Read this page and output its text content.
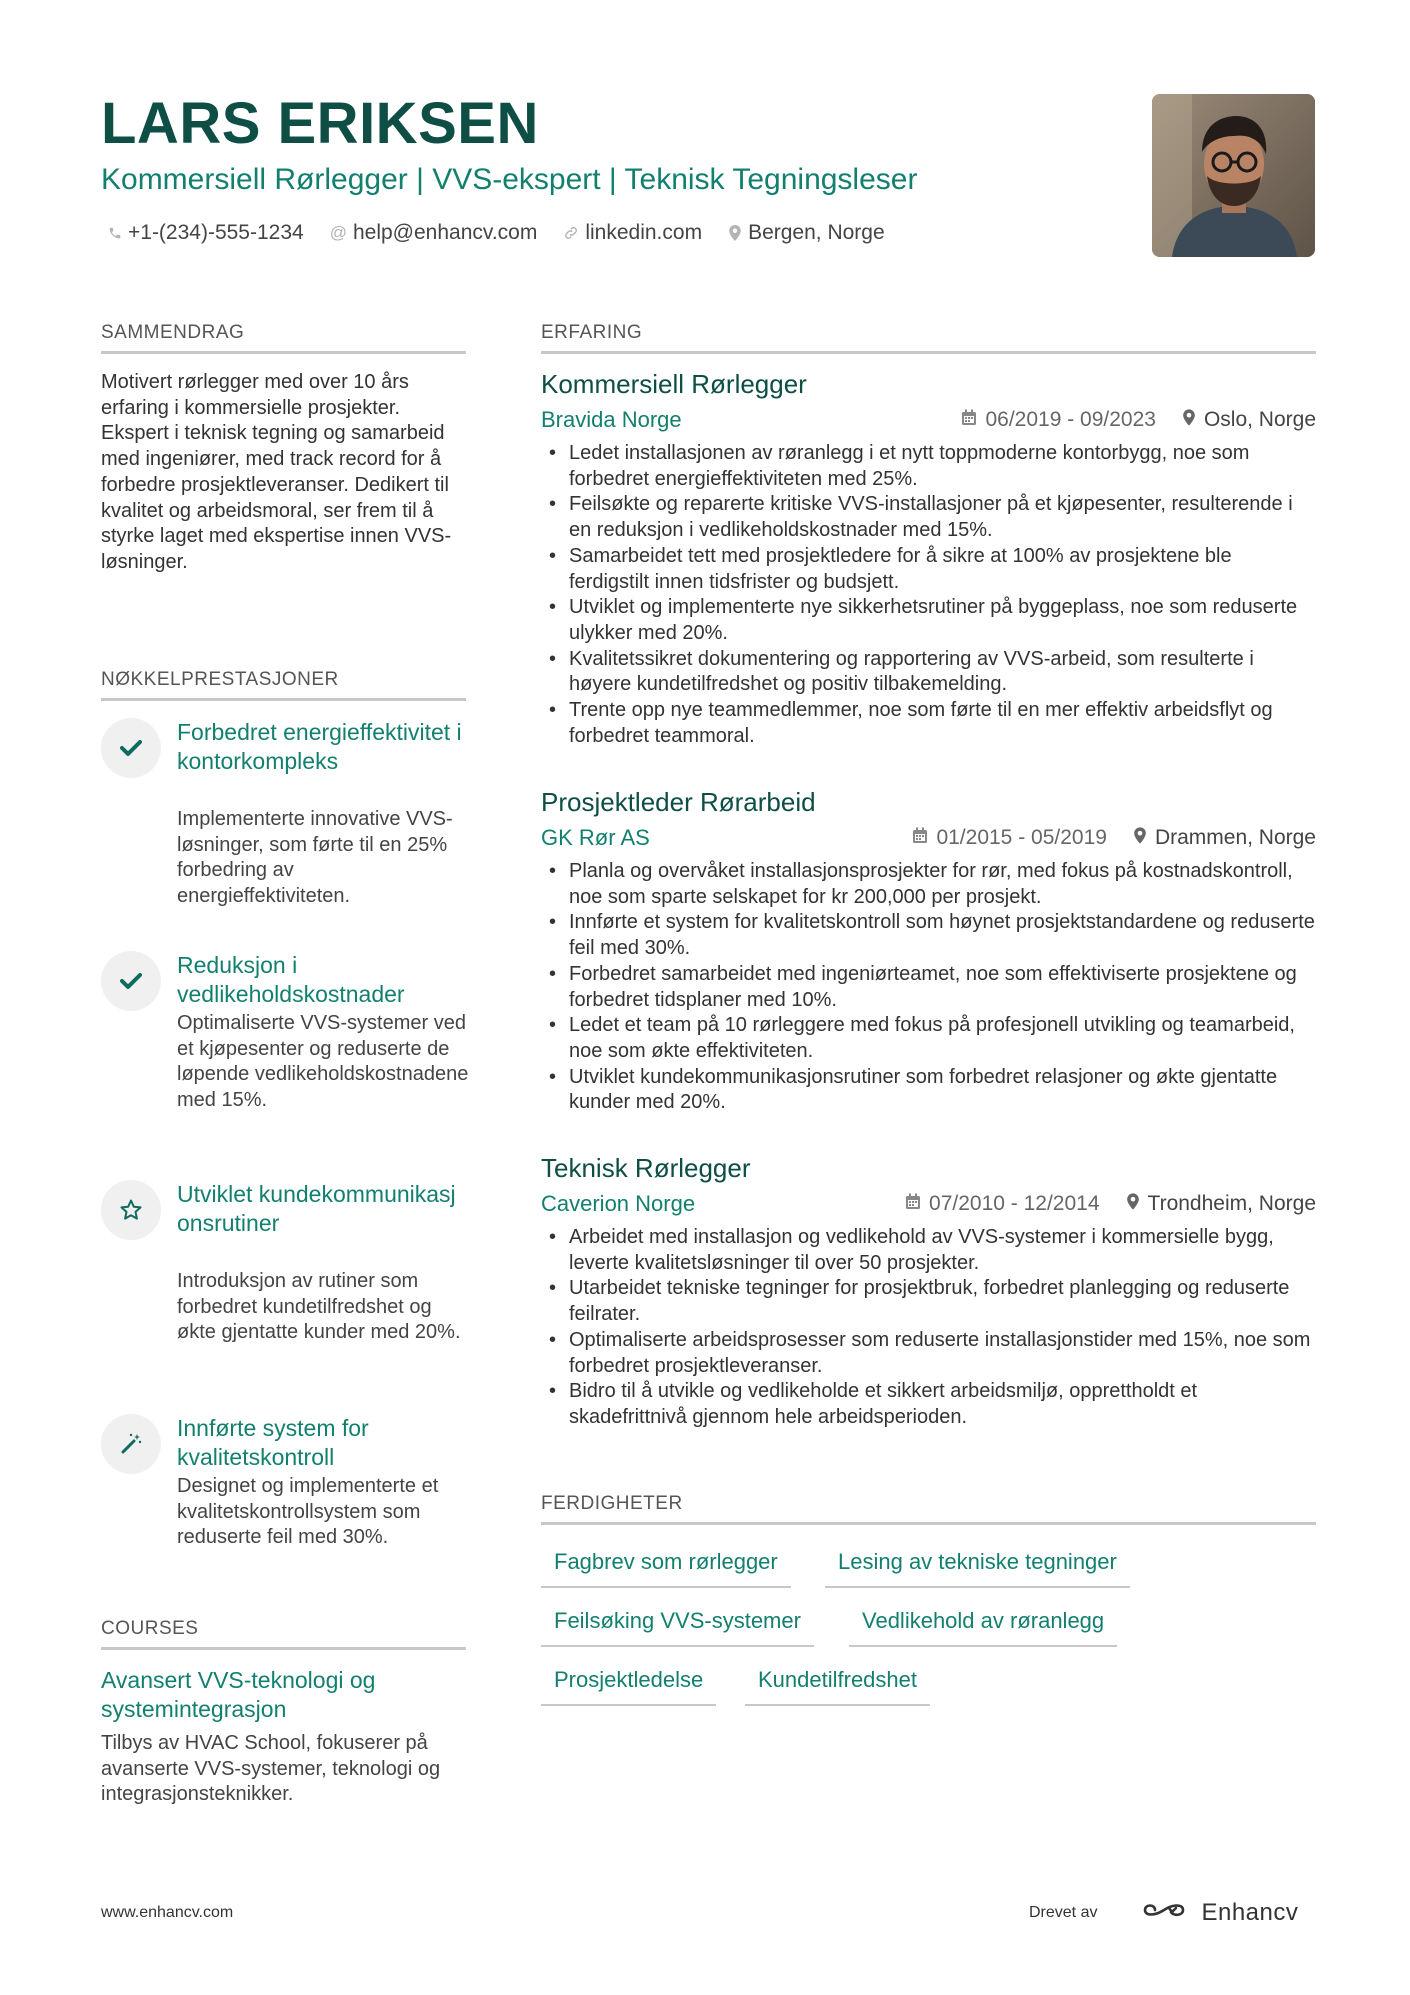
LARS ERIKSEN
Kommersiell Rørlegger | VVS-ekspert | Teknisk Tegningsleser
+1-(234)-555-1234 @ help@enhancv.com linkedin.com Bergen, Norge
SAMMENDRAG
Motivert rørlegger med over 10 års erfaring i kommersielle prosjekter. Ekspert i teknisk tegning og samarbeid med ingeniører, med track record for å forbedre prosjektleveranser. Dedikert til kvalitet og arbeidsmoral, ser frem til å styrke laget med ekspertise innen VVS-løsninger.
NØKKELPRESTASJONER
Forbedret energieffektivitet i kontorkompleks
Implementerte innovative VVS-løsninger, som førte til en 25% forbedring av energieffektiviteten.
Reduksjon i vedlikeholdskostnader
Optimaliserte VVS-systemer ved et kjøpesenter og reduserte de løpende vedlikeholdskostnadene med 15%.
Utviklet kundekommunikasjonsrutiner
Introduksjon av rutiner som forbedret kundetilfredshet og økte gjentatte kunder med 20%.
Innførte system for kvalitetskontroll
Designet og implementerte et kvalitetskontrollsystem som reduserte feil med 30%.
COURSES
Avansert VVS-teknologi og systemintegrasjon
Tilbys av HVAC School, fokuserer på avanserte VVS-systemer, teknologi og integrasjonsteknikker.
ERFARING
Kommersiell Rørlegger
Bravida Norge	06/2019 - 09/2023 Oslo, Norge
• Ledet installasjonen av røranlegg i et nytt toppmoderne kontorbygg, noe som forbedret energieffektiviteten med 25%.
• Feilsøkte og reparerte kritiske VVS-installasjoner på et kjøpesenter, resulterende i en reduksjon i vedlikeholdskostnader med 15%.
• Samarbeidet tett med prosjektledere for å sikre at 100% av prosjektene ble ferdigstilt innen tidsfrister og budsjett.
• Utviklet og implementerte nye sikkerhetsrutiner på byggeplass, noe som reduserte ulykker med 20%.
• Kvalitetssikret dokumentering og rapportering av VVS-arbeid, som resulterte i høyere kundetilfredshet og positiv tilbakemelding.
• Trente opp nye teammedlemmer, noe som førte til en mer effektiv arbeidsflyt og forbedret teammoral.
Prosjektleder Rørarbeid
GK Rør AS	01/2015 - 05/2019 Drammen, Norge
• Planla og overvåket installasjonsprosjekter for rør, med fokus på kostnadskontroll, noe som sparte selskapet for kr 200,000 per prosjekt.
• Innførte et system for kvalitetskontroll som høynet prosjektstandardene og reduserte feil med 30%.
• Forbedret samarbeidet med ingeniørteamet, noe som effektiviserte prosjektene og forbedret tidsplaner med 10%.
• Ledet et team på 10 rørleggere med fokus på profesjonell utvikling og teamarbeid, noe som økte effektiviteten.
• Utviklet kundekommunikasjonsrutiner som forbedret relasjoner og økte gjentatte kunder med 20%.
Teknisk Rørlegger
Caverion Norge	07/2010 - 12/2014 Trondheim, Norge
• Arbeidet med installasjon og vedlikehold av VVS-systemer i kommersielle bygg, leverte kvalitetsløsninger til over 50 prosjekter.
• Utarbeidet tekniske tegninger for prosjektbruk, forbedret planlegging og reduserte feilrater.
• Optimaliserte arbeidsprosesser som reduserte installasjonstider med 15%, noe som forbedret prosjektleveranser.
• Bidro til å utvikle og vedlikeholde et sikkert arbeidsmiljø, opprettholdt et skadefrittnivå gjennom hele arbeidsperioden.
FERDIGHETER
Fagbrev som rørlegger	Lesing av tekniske tegninger
Feilsøking VVS-systemer	Vedlikehold av røranlegg
Prosjektledelse	Kundetilfredshet
www.enhancv.com	Drevet av	Enhancv
